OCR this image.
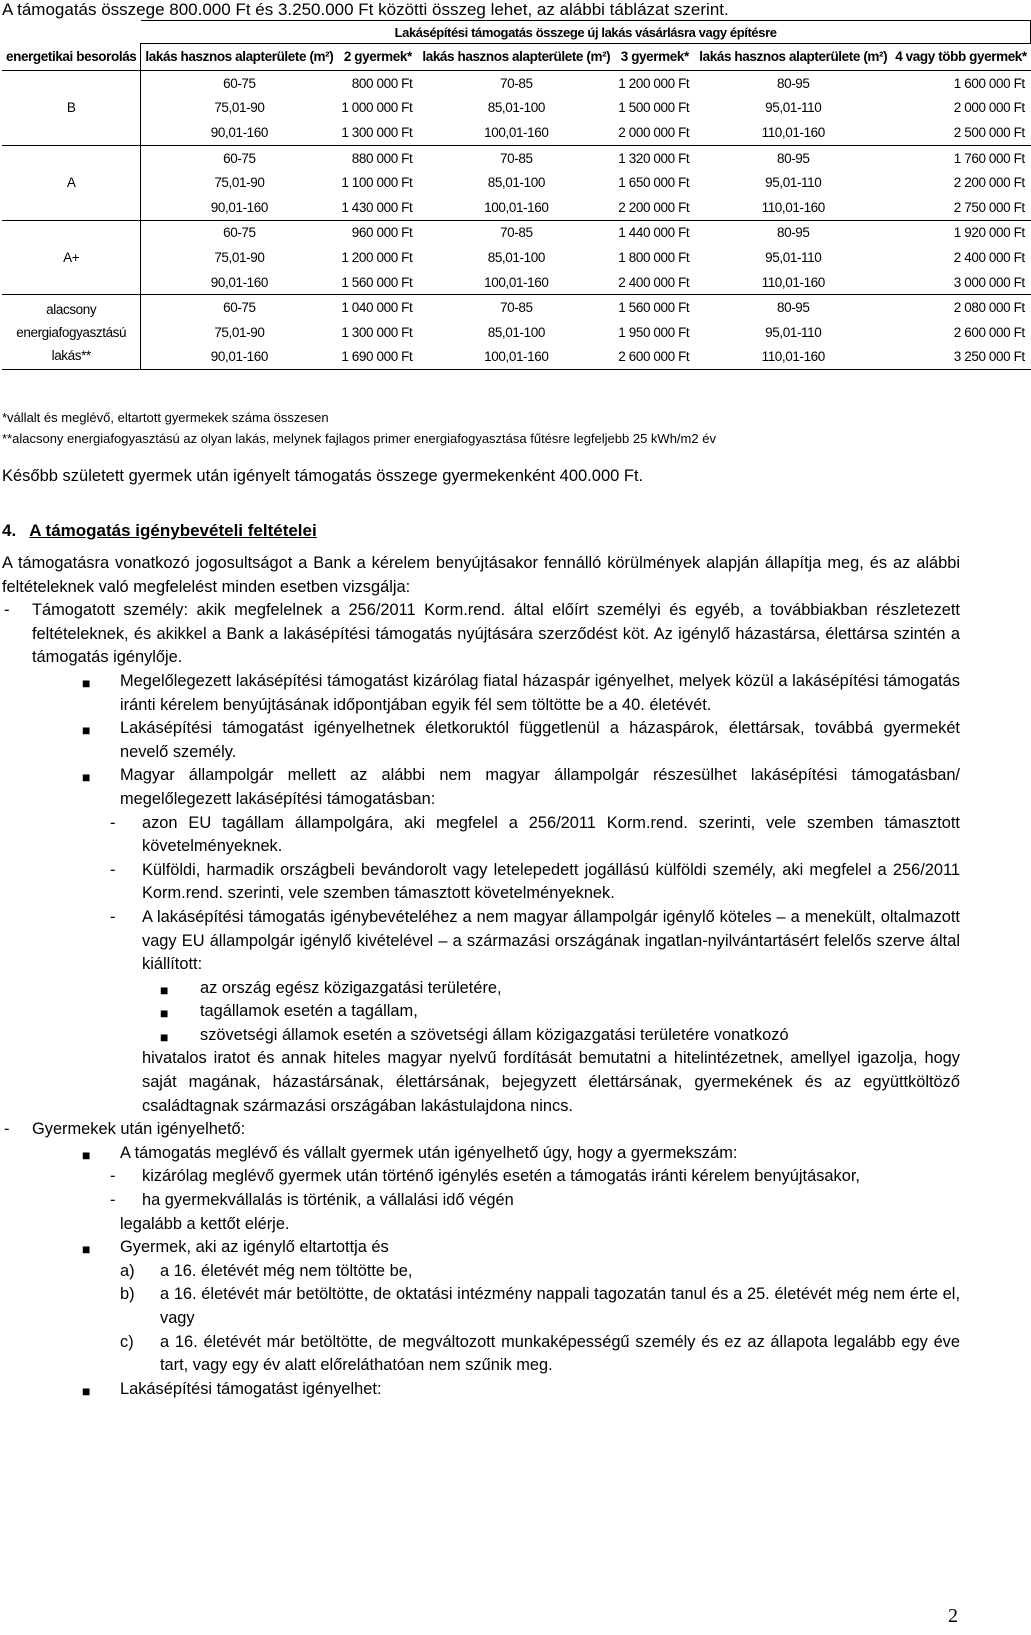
A támogatás összege 800.000 Ft és 3.250.000 Ft közötti összeg lehet, az alábbi táblázat szerint.
	Lakásépítési támogatás összege új lakás vásárlásra vagy építésre					
energetikai besorolás	lakás hasznos alapterülete (m²)	2 gyermek*	lakás hasznos alapterülete (m²)	3 gyermek*	lakás hasznos alapterülete (m²)	4 vagy több gyermek*
B	60-75	800 000 Ft	70-85	1 200 000 Ft	80-95	1 600 000 Ft
	75,01-90	1 000 000 Ft	85,01-100	1 500 000 Ft	95,01-110	2 000 000 Ft
	90,01-160	1 300 000 Ft	100,01-160	2 000 000 Ft	110,01-160	2 500 000 Ft
A	60-75	880 000 Ft	70-85	1 320 000 Ft	80-95	1 760 000 Ft
	75,01-90	1 100 000 Ft	85,01-100	1 650 000 Ft	95,01-110	2 200 000 Ft
	90,01-160	1 430 000 Ft	100,01-160	2 200 000 Ft	110,01-160	2 750 000 Ft
A+	60-75	960 000 Ft	70-85	1 440 000 Ft	80-95	1 920 000 Ft
	75,01-90	1 200 000 Ft	85,01-100	1 800 000 Ft	95,01-110	2 400 000 Ft
	90,01-160	1 560 000 Ft	100,01-160	2 400 000 Ft	110,01-160	3 000 000 Ft
alacsony energiafogyasztású lakás**	60-75	1 040 000 Ft	70-85	1 560 000 Ft	80-95	2 080 000 Ft
	75,01-90	1 300 000 Ft	85,01-100	1 950 000 Ft	95,01-110	2 600 000 Ft
	90,01-160	1 690 000 Ft	100,01-160	2 600 000 Ft	110,01-160	3 250 000 Ft
*vállalt és meglévő, eltartott gyermekek száma összesen
**alacsony energiafogyasztású az olyan lakás, melynek fajlagos primer energiafogyasztása fűtésre legfeljebb 25 kWh/m2 év
Később született gyermek után igényelt támogatás összege gyermekenként 400.000 Ft.
4. A támogatás igénybevételi feltételei

A támogatásra vonatkozó jogosultságot a Bank a kérelem benyújtásakor fennálló körülmények alapján állapítja meg, és az alábbi feltételeknek való megfelelést minden esetben vizsgálja:

- Támogatott személy: akik megfelelnek a 256/2011 Korm.rend. által előírt személyi és egyéb, a továbbiakban részletezett feltételeknek, és akikkel a Bank a lakásépítési támogatás nyújtására szerződést köt. Az igénylő házastársa, élettársa szintén a támogatás igénylője.
■ Megelőlegezett lakásépítési támogatást kizárólag fiatal házaspár igényelhet, melyek közül a lakásépítési támogatás iránti kérelem benyújtásának időpontjában egyik fél sem töltötte be a 40. életévét.
■ Lakásépítési támogatást igényelhetnek életkoruktól függetlenül a házaspárok, élettársak, továbbá gyermekét nevelő személy.
■ Magyar állampolgár mellett az alábbi nem magyar állampolgár részesülhet lakásépítési támogatásban/ megelőlegezett lakásépítési támogatásban:
- azon EU tagállam állampolgára, aki megfelel a 256/2011 Korm.rend. szerinti, vele szemben támasztott követelményeknek.
- Külföldi, harmadik országbeli bevándorolt vagy letelepedett jogállású külföldi személy, aki megfelel a 256/2011 Korm.rend. szerinti, vele szemben támasztott követelményeknek.
- A lakásépítési támogatás igénybevételéhez a nem magyar állampolgár igénylő köteles – a menekült, oltalmazott vagy EU állampolgár igénylő kivételével – a származási országának ingatlan-nyilvántartásért felelős szerve által kiállított:
■ az ország egész közigazgatási területére,
■ tagállamok esetén a tagállam,
■ szövetségi államok esetén a szövetségi állam közigazgatási területére vonatkozó
hivatalos iratot és annak hiteles magyar nyelvű fordítását bemutatni a hitelintézetnek, amellyel igazolja, hogy saját magának, házastársának, élettársának, bejegyzett élettársának, gyermekének és az együttköltöző családtagnak származási országában lakástulajdona nincs.
- Gyermekek után igényelhető:
■ A támogatás meglévő és vállalt gyermek után igényelhető úgy, hogy a gyermekszám:
- kizárólag meglévő gyermek után történő igénylés esetén a támogatás iránti kérelem benyújtásakor,
- ha gyermekvállalás is történik, a vállalási idő végén
legalább a kettőt elérje.
■ Gyermek, aki az igénylő eltartottja és
a) a 16. életévét még nem töltötte be,
b) a 16. életévét már betöltötte, de oktatási intézmény nappali tagozatán tanul és a 25. életévét még nem érte el, vagy
c) a 16. életévét már betöltötte, de megváltozott munkaképességű személy és ez az állapota legalább egy éve tart, vagy egy év alatt előreláthatóan nem szűnik meg.
■ Lakásépítési támogatást igényelhet:
2
